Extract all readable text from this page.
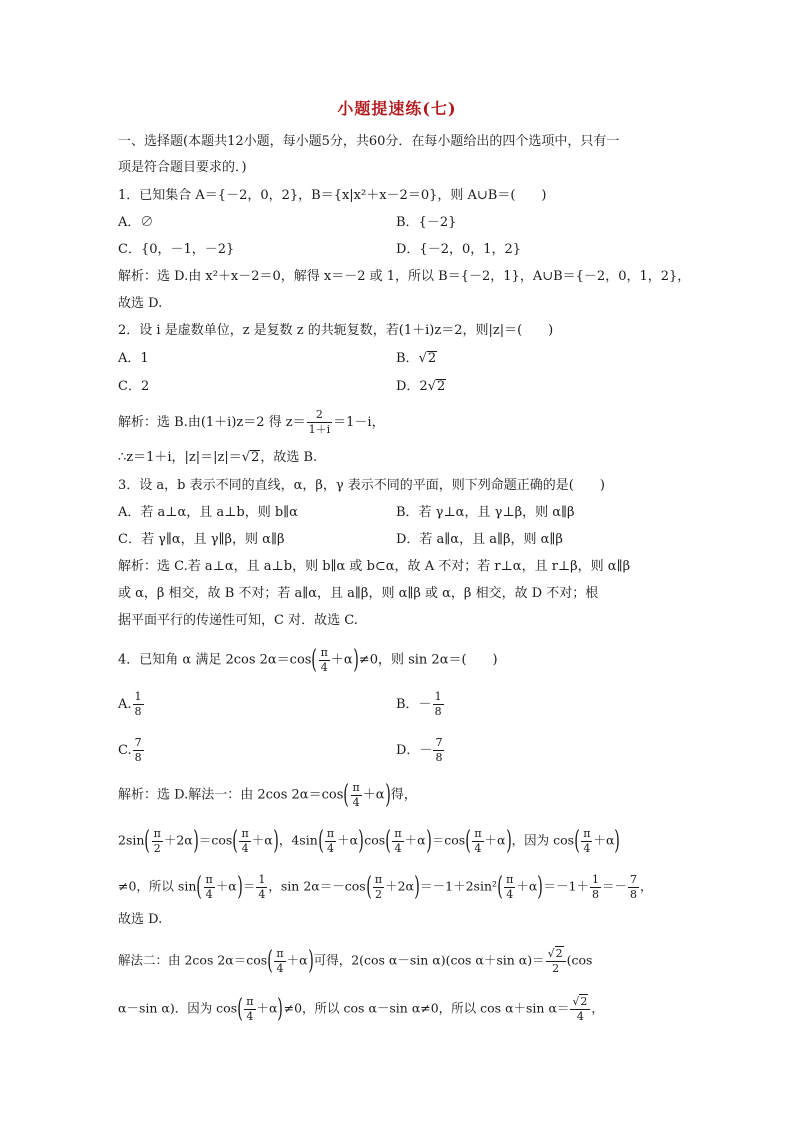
小题提速练(七)
一、选择题(本题共12小题，每小题5分，共60分．在每小题给出的四个选项中，只有一
项是符合题目要求的．)
1．已知集合 A＝{－2，0，2}，B＝{x|x²＋x－2＝0}，则 A∪B＝(　　)
A．∅	B．{－2}
C．{0，－1，－2}	D．{－2，0，1，2}
解析：选 D.由 x²＋x－2＝0，解得 x＝－2 或 1，所以 B＝{－2，1}，A∪B＝{－2，0，1，2}，
故选 D.
2．设 i 是虚数单位，z 是复数 z 的共轭复数，若(1＋i)z＝2，则|z|＝(　　)
A．1	B．√2
C．2	D．2√2
解析：选 B.由(1＋i)z＝2 得 $z= \frac{2}{1+i} =1-i$，
∴z＝1＋i，|z|＝|z|＝√2，故选 B.
3．设 a，b 表示不同的直线，α，β，γ 表示不同的平面，则下列命题正确的是(　　)
A．若 a⊥α，且 a⊥b，则 b∥α	B．若 γ⊥α，且 γ⊥β，则 α∥β
C．若 γ∥α，且 γ∥β，则 α∥β	D．若 a∥α，且 a∥β，则 α∥β
解析：选 C.若 a⊥α，且 a⊥b，则 b∥α 或 b⊂α，故 A 不对；若 r⊥α，且 r⊥β，则 α∥β
或 α，β 相交，故 B 不对；若 a∥α，且 a∥β，则 α∥β 或 α，β 相交，故 D 不对；根
据平面平行的传递性可知，C 对．故选 C.
4．已知角 α 满足 2cos $2\alpha=\cos( \frac{\pi}{4} +\alpha)\ne 0$，则 sin 2α＝(　　)
A. $\frac{1}{8}$	B．－ $\frac{1}{8}$
C. $\frac{7}{8}$	D．－ $\frac{7}{8}$
解析：选 D.解法一：由 2cos $2\alpha=\cos( \frac{\pi}{4} +\alpha)$得，
$2\sin( \frac{\pi}{2} +2\alpha)=\cos( \frac{\pi}{4} +\alpha)$，$4\sin( \frac{\pi}{4} +\alpha)\cos( \frac{\pi}{4} +\alpha)=\cos( \frac{\pi}{4} +\alpha)$，因为 $\cos( \frac{\pi}{4} +\alpha)$
≠0，所以 $\sin( \frac{\pi}{4} +\alpha)= \frac{1}{4}$ ，$\sin 2\alpha=-\cos( \frac{\pi}{2} +2\alpha)=-1+2\sin^2( \frac{\pi}{4} +\alpha)=-1+ \frac{1}{8} =- \frac{7}{8}$ ，
故选 D.
解法二：由 2cos $2\alpha=\cos( \frac{\pi}{4} +\alpha)$可得，2(cos α－sin α)(cos α＋sin $\alpha)= \frac{√2}{2} (\cos$
α－sin α)．因为 $\cos( \frac{\pi}{4} +\alpha)\ne 0$，所以 cos α－sin α≠0，所以 cos α＋sin $\alpha= \frac{√2}{4}$ ，
